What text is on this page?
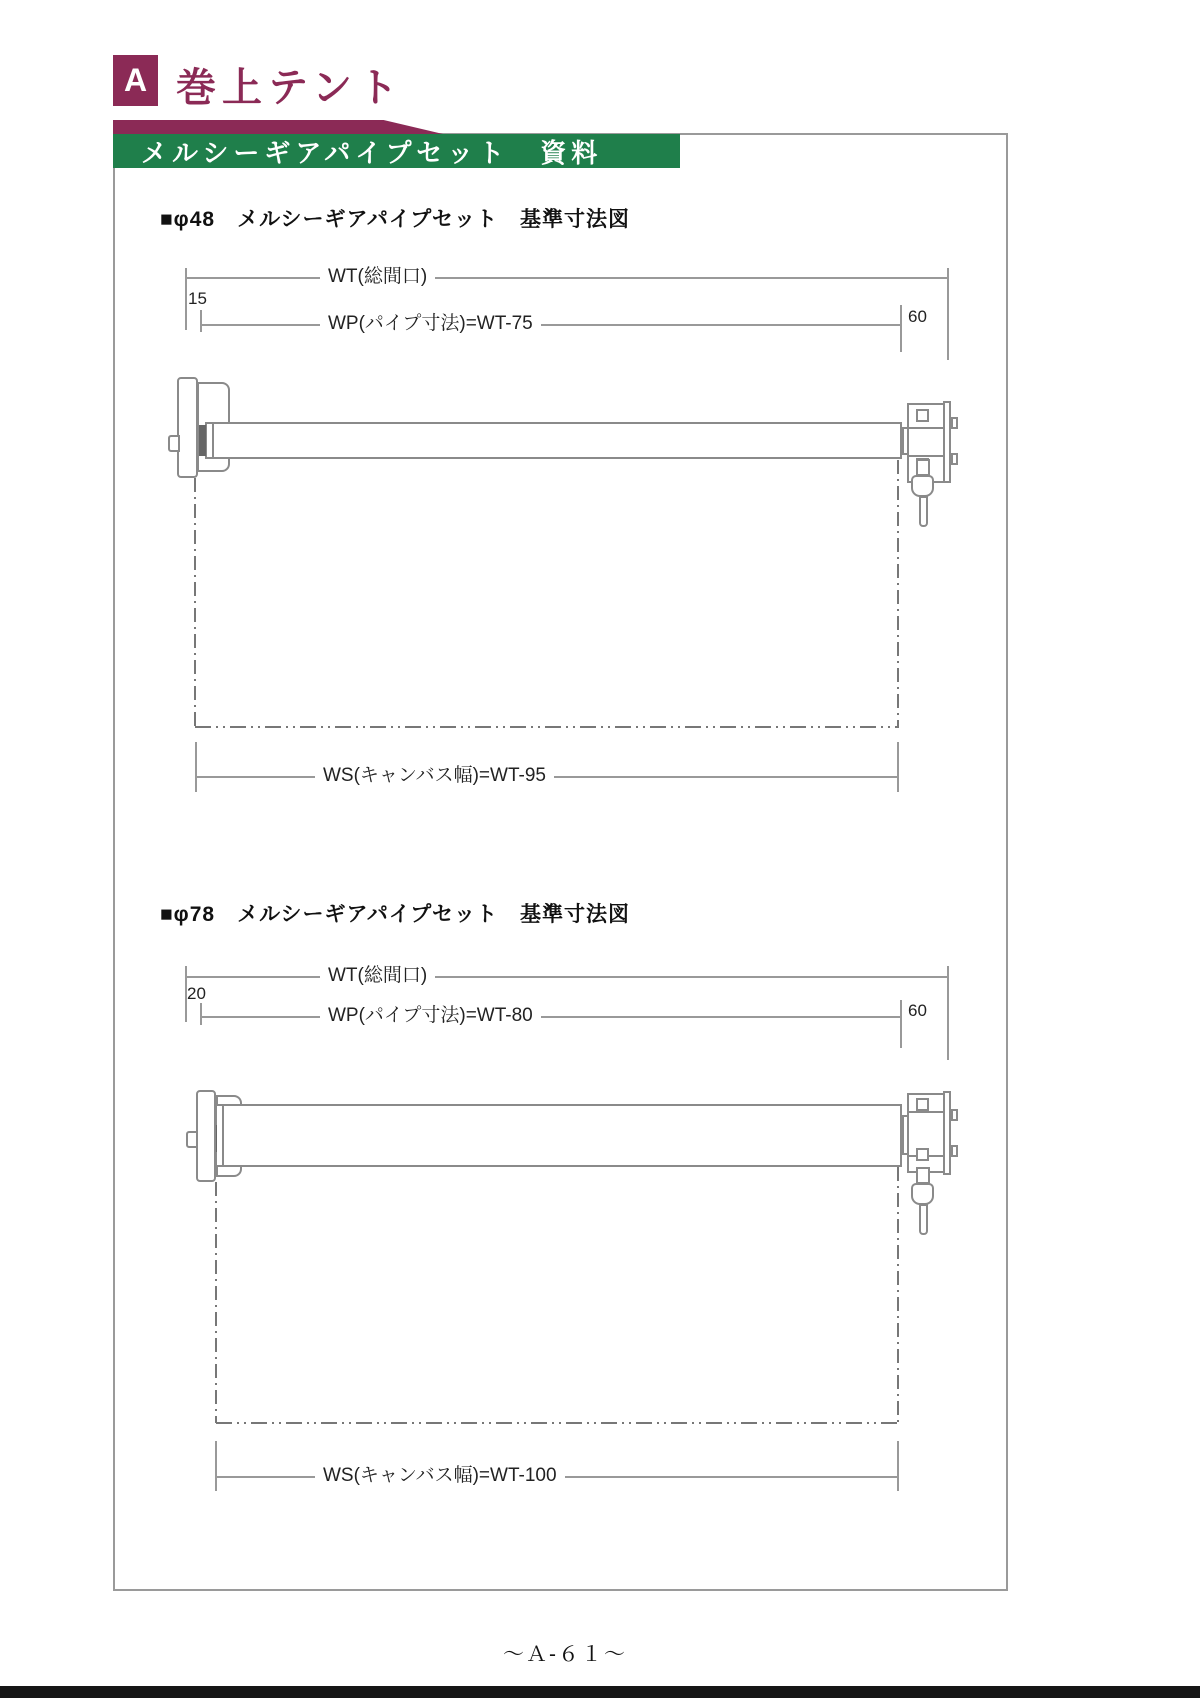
A 巻上テント
メルシーギアパイプセット　資料
■φ48　メルシーギアパイプセット　基準寸法図
WT(総間口)
15
WP(パイプ寸法)=WT-75	60
WS(キャンバス幅)=WT-95
■φ78　メルシーギアパイプセット　基準寸法図
WT(総間口)
20
WP(パイプ寸法)=WT-80	60
WS(キャンバス幅)=WT-100
～Ａ-６１～
